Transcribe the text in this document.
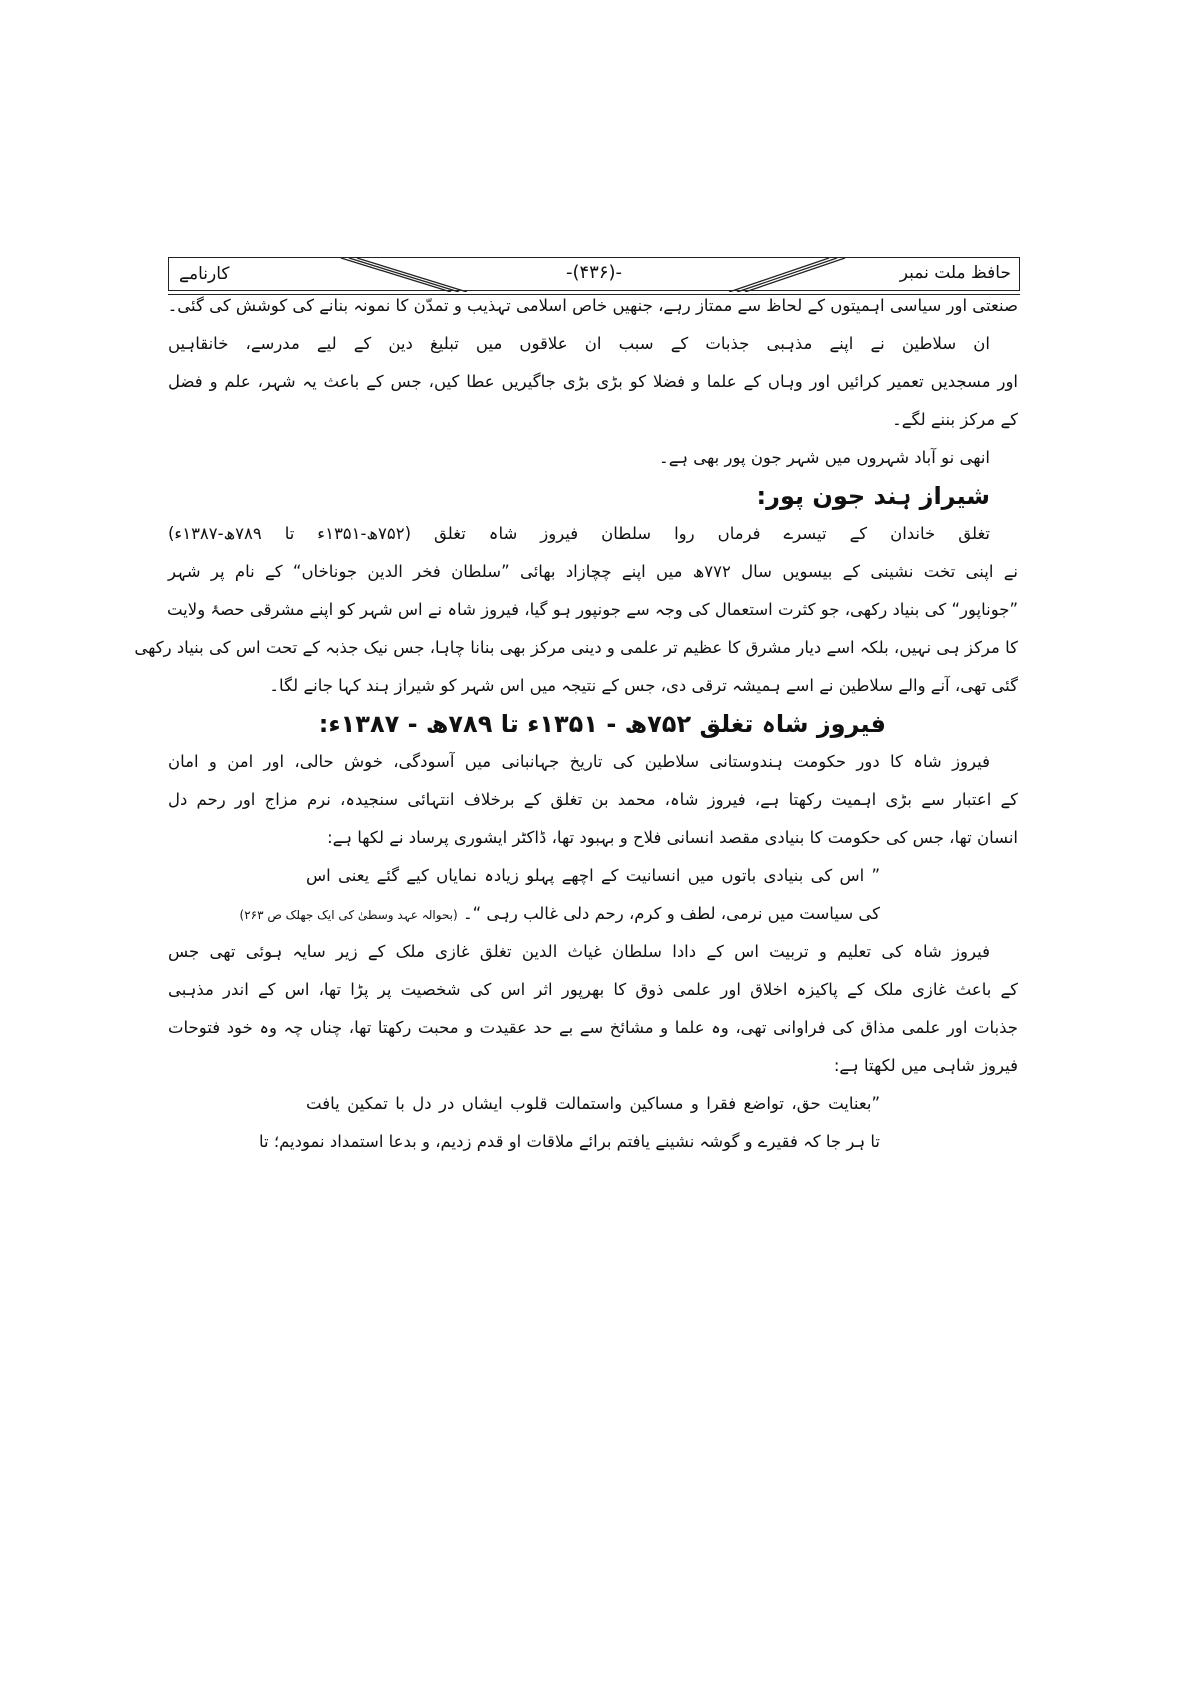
کارنامے	-(۴۳۶)-	حافظ ملت نمبر
صنعتی اور سیاسی اہمیتوں کے لحاظ سے ممتاز رہے، جنھیں خاص اسلامی تہذیب و تمدّن کا نمونہ بنانے کی کوشش کی گئی۔
ان سلاطین نے اپنے مذہبی جذبات کے سبب ان علاقوں میں تبلیغ دین کے لیے مدرسے، خانقاہیں
اور مسجدیں تعمیر کرائیں اور وہاں کے علما و فضلا کو بڑی بڑی جاگیریں عطا کیں، جس کے باعث یہ شہر، علم و فضل
کے مرکز بننے لگے۔
انھی نو آباد شہروں میں شہر جون پور بھی ہے۔
شیراز ہند جون پور:
تغلق خاندان کے تیسرے فرماں روا سلطان فیروز شاہ تغلق (۷۵۲ھ-۱۳۵۱ء تا ۷۸۹ھ-۱۳۸۷ء)
نے اپنی تخت نشینی کے بیسویں سال ۷۷۲ھ میں اپنے چچازاد بھائی ”سلطان فخر الدین جوناخاں“ کے نام پر شہر
”جوناپور“ کی بنیاد رکھی، جو کثرت استعمال کی وجہ سے جونپور ہو گیا، فیروز شاہ نے اس شہر کو اپنے مشرقی حصۂ ولایت
کا مرکز ہی نہیں، بلکہ اسے دیار مشرق کا عظیم تر علمی و دینی مرکز بھی بنانا چاہا، جس نیک جذبہ کے تحت اس کی بنیاد رکھی
گئی تھی، آنے والے سلاطین نے اسے ہمیشہ ترقی دی، جس کے نتیجہ میں اس شہر کو شیراز ہند کہا جانے لگا۔
فیروز شاہ تغلق ۷۵۲ھ - ۱۳۵۱ء تا ۷۸۹ھ - ۱۳۸۷ء:
فیروز شاہ کا دور حکومت ہندوستانی سلاطین کی تاریخ جہانبانی میں آسودگی، خوش حالی، اور امن و امان
کے اعتبار سے بڑی اہمیت رکھتا ہے، فیروز شاہ، محمد بن تغلق کے برخلاف انتہائی سنجیدہ، نرم مزاج اور رحم دل
انسان تھا، جس کی حکومت کا بنیادی مقصد انسانی فلاح و بہبود تھا، ڈاکٹر ایشوری پرساد نے لکھا ہے:
” اس کی بنیادی باتوں میں انسانیت کے اچھے پہلو زیادہ نمایاں کیے گئے یعنی اس
کی سیاست میں نرمی، لطف و کرم، رحم دلی غالب رہی “۔ (بحوالہ عہد وسطیٰ کی ایک جھلک ص ۲۶۳)
فیروز شاہ کی تعلیم و تربیت اس کے دادا سلطان غیاث الدین تغلق غازی ملک کے زیر سایہ ہوئی تھی جس
کے باعث غازی ملک کے پاکیزہ اخلاق اور علمی ذوق کا بھرپور اثر اس کی شخصیت پر پڑا تھا، اس کے اندر مذہبی
جذبات اور علمی مذاق کی فراوانی تھی، وہ علما و مشائخ سے بے حد عقیدت و محبت رکھتا تھا، چناں چہ وہ خود فتوحات
فیروز شاہی میں لکھتا ہے:
”بعنایت حق، تواضع فقرا و مساکین واستمالت قلوب ایشاں در دل با تمکین یافت
تا ہر جا کہ فقیرے و گوشہ نشینے یافتم برائے ملاقات او قدم زدیم، و بدعا استمداد نمودیم؛ تا
